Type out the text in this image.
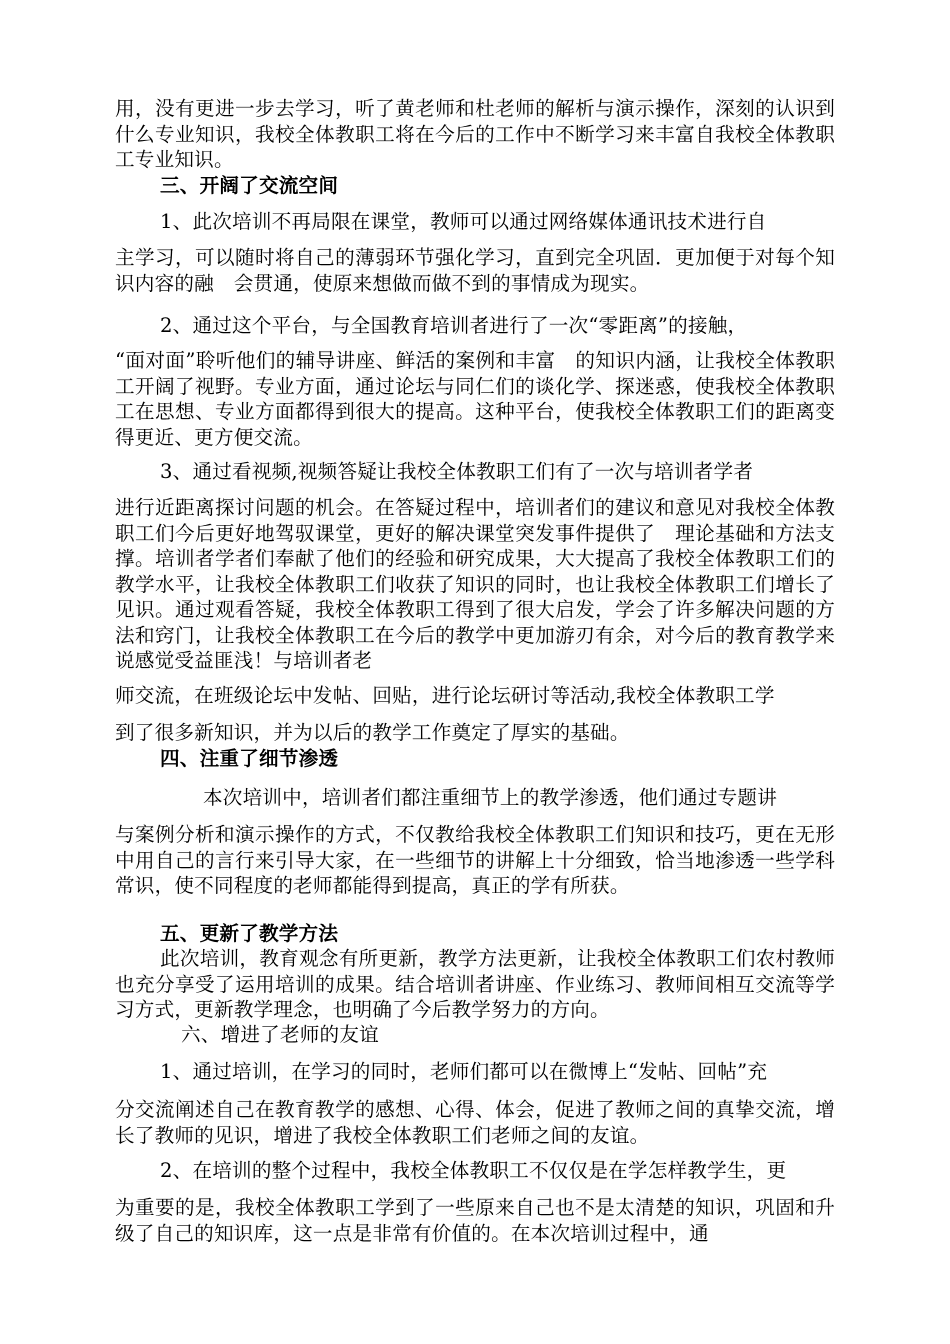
用，没有更进一步去学习，听了黄老师和杜老师的解析与演示操作，深刻的认识到什么专业知识，我校全体教职工将在今后的工作中不断学习来丰富自我校全体教职工专业知识。

三、开阔了交流空间

1、此次培训不再局限在课堂，教师可以通过网络媒体通讯技术进行自

主学习，可以随时将自己的薄弱环节强化学习，直到完全巩固．更加便于对每个知识内容的融　会贯通，使原来想做而做不到的事情成为现实。

2、通过这个平台，与全国教育培训者进行了一次“零距离”的接触，

“面对面”聆听他们的辅导讲座、鲜活的案例和丰富　的知识内涵，让我校全体教职工开阔了视野。专业方面，通过论坛与同仁们的谈化学、探迷惑，使我校全体教职工在思想、专业方面都得到很大的提高。这种平台，使我校全体教职工们的距离变得更近、更方便交流。

3、通过看视频,视频答疑让我校全体教职工们有了一次与培训者学者

进行近距离探讨问题的机会。在答疑过程中，培训者们的建议和意见对我校全体教职工们今后更好地驾驭课堂，更好的解决课堂突发事件提供了　理论基础和方法支撑。培训者学者们奉献了他们的经验和研究成果，大大提高了我校全体教职工们的教学水平，让我校全体教职工们收获了知识的同时，也让我校全体教职工们增长了见识。通过观看答疑，我校全体教职工得到了很大启发，学会了许多解决问题的方法和窍门，让我校全体教职工在今后的教学中更加游刃有余，对今后的教育教学来说感觉受益匪浅！与培训者老

师交流，在班级论坛中发帖、回贴，进行论坛研讨等活动,我校全体教职工学

到了很多新知识，并为以后的教学工作奠定了厚实的基础。

四、注重了细节渗透

本次培训中，培训者们都注重细节上的教学渗透，他们通过专题讲

与案例分析和演示操作的方式，不仅教给我校全体教职工们知识和技巧，更在无形中用自己的言行来引导大家，在一些细节的讲解上十分细致，恰当地渗透一些学科常识，使不同程度的老师都能得到提高，真正的学有所获。

五、更新了教学方法

此次培训，教育观念有所更新，教学方法更新，让我校全体教职工们农村教师也充分享受了运用培训的成果。结合培训者讲座、作业练习、教师间相互交流等学习方式，更新教学理念，也明确了今后教学努力的方向。

六、增进了老师的友谊

1、通过培训，在学习的同时，老师们都可以在微博上“发帖、回帖”充

分交流阐述自己在教育教学的感想、心得、体会，促进了教师之间的真挚交流，增长了教师的见识，增进了我校全体教职工们老师之间的友谊。

2、在培训的整个过程中，我校全体教职工不仅仅是在学怎样教学生，更

为重要的是，我校全体教职工学到了一些原来自己也不是太清楚的知识，巩固和升级了自己的知识库，这一点是非常有价值的。在本次培训过程中，通
